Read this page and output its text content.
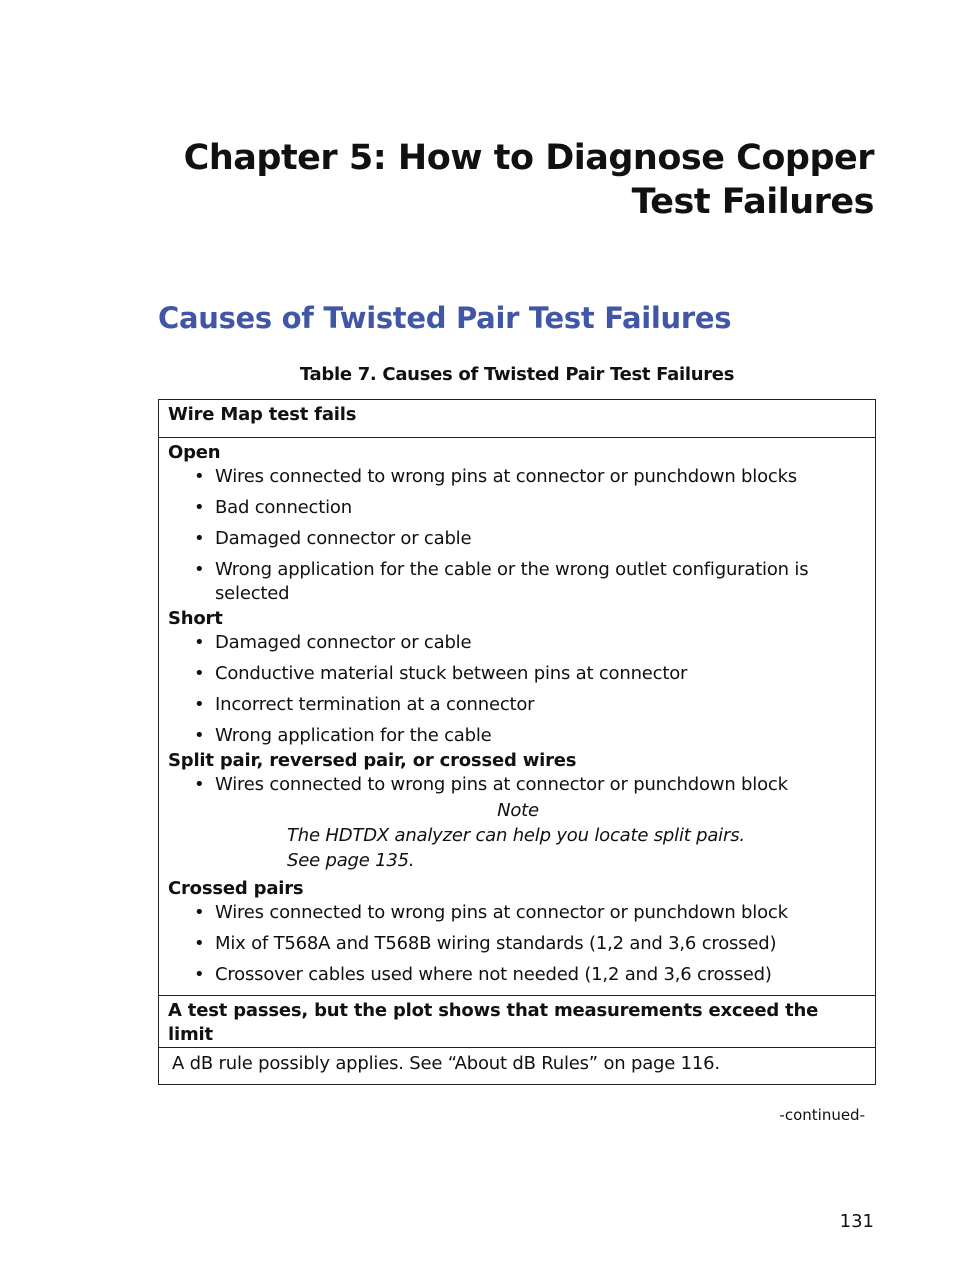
Chapter 5: How to Diagnose Copper
Test Failures
Causes of Twisted Pair Test Failures
Table 7. Causes of Twisted Pair Test Failures
Wire Map test fails

Open

• Wires connected to wrong pins at connector or punchdown blocks
• Bad connection
• Damaged connector or cable
• Wrong application for the cable or the wrong outlet configuration is selected

Short

• Damaged connector or cable
• Conductive material stuck between pins at connector
• Incorrect termination at a connector
• Wrong application for the cable

Split pair, reversed pair, or crossed wires

• Wires connected to wrong pins at connector or punchdown block
Note
The HDTDX analyzer can help you locate split pairs.
See page 135.

Crossed pairs

• Wires connected to wrong pins at connector or punchdown block
• Mix of T568A and T568B wiring standards (1,2 and 3,6 crossed)
• Crossover cables used where not needed (1,2 and 3,6 crossed)

A test passes, but the plot shows that measurements exceed the limit
A dB rule possibly applies. See “About dB Rules” on page 116.
-continued-
131
